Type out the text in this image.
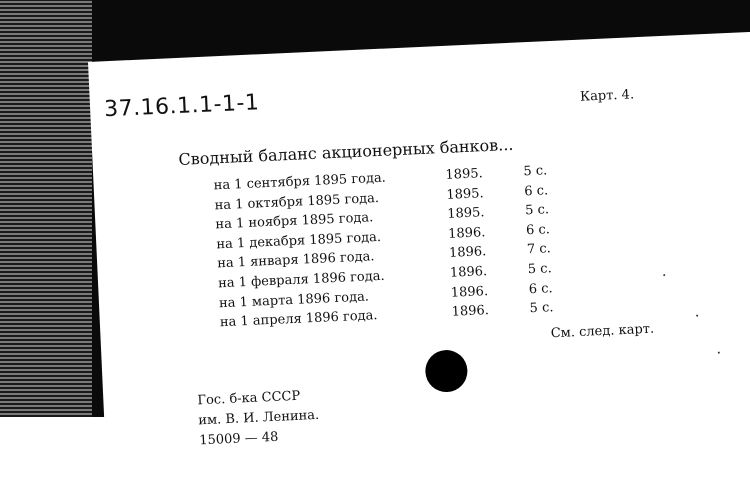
37.16.1.1-1-1	Карт. 4.
Сводный баланс акционерных банков...
на 1 сентября 1895 года.	1895.	5 с.
на 1 октября 1895 года.	1895.	6 с.
на 1 ноября 1895 года.	1895.	5 с.
на 1 декабря 1895 года.	1896.	6 с.
на 1 января 1896 года.	1896.	7 с.
на 1 февраля 1896 года.	1896.	5 с.
на 1 марта 1896 года.	1896.	6 с.
на 1 апреля 1896 года.	1896.	5 с.
См. след. карт.
Гос. б-ка СССР
им. В. И. Ленина.
15009 — 48
